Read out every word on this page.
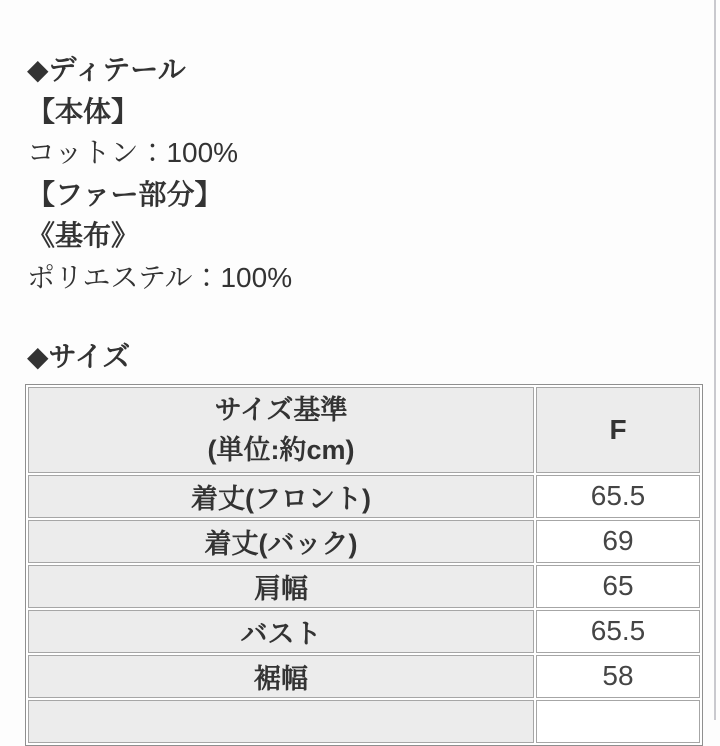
◆ディテール

【本体】

コットン：100%

【ファー部分】

《基布》

ポリエステル：100%

◆サイズ

サイズ基準
(単位:約cm)	F
着丈(フロント)	65.5
着丈(バック)	69
肩幅	65
バスト	65.5
裾幅	58
